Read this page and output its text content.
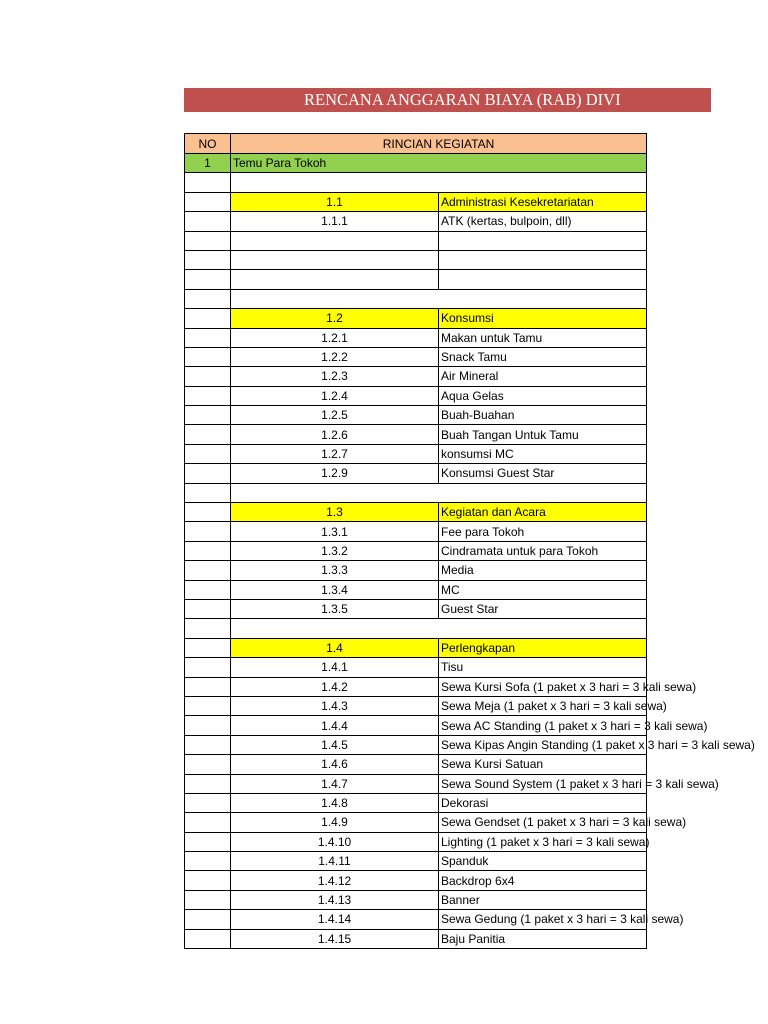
RENCANA ANGGARAN BIAYA (RAB) DIVI
NO	RINCIAN KEGIATAN	
1	Temu Para Tokoh	

	1.1	Administrasi Kesekretariatan
	1.1.1	ATK (kertas, bulpoin, dll)

	1.2	Konsumsi
	1.2.1	Makan untuk Tamu
	1.2.2	Snack Tamu
	1.2.3	Air Mineral
	1.2.4	Aqua Gelas
	1.2.5	Buah-Buahan
	1.2.6	Buah Tangan Untuk Tamu
	1.2.7	konsumsi MC
	1.2.9	Konsumsi Guest Star

	1.3	Kegiatan dan Acara
	1.3.1	Fee para Tokoh
	1.3.2	Cindramata untuk para Tokoh
	1.3.3	Media
	1.3.4	MC
	1.3.5	Guest Star

	1.4	Perlengkapan
	1.4.1	Tisu
	1.4.2	Sewa Kursi Sofa (1 paket x 3 hari = 3 kali sewa)
	1.4.3	Sewa Meja (1 paket x 3 hari = 3 kali sewa)
	1.4.4	Sewa AC Standing (1 paket x 3 hari = 3 kali sewa)
	1.4.5	Sewa Kipas Angin Standing (1 paket x 3 hari = 3 kali sewa)
	1.4.6	Sewa Kursi Satuan
	1.4.7	Sewa Sound System (1 paket x 3 hari = 3 kali sewa)
	1.4.8	Dekorasi
	1.4.9	Sewa Gendset (1 paket x 3 hari = 3 kali sewa)
	1.4.10	Lighting (1 paket x 3 hari = 3 kali sewa)
	1.4.11	Spanduk
	1.4.12	Backdrop 6x4
	1.4.13	Banner
	1.4.14	Sewa Gedung (1 paket x 3 hari = 3 kali sewa)
	1.4.15	Baju Panitia
